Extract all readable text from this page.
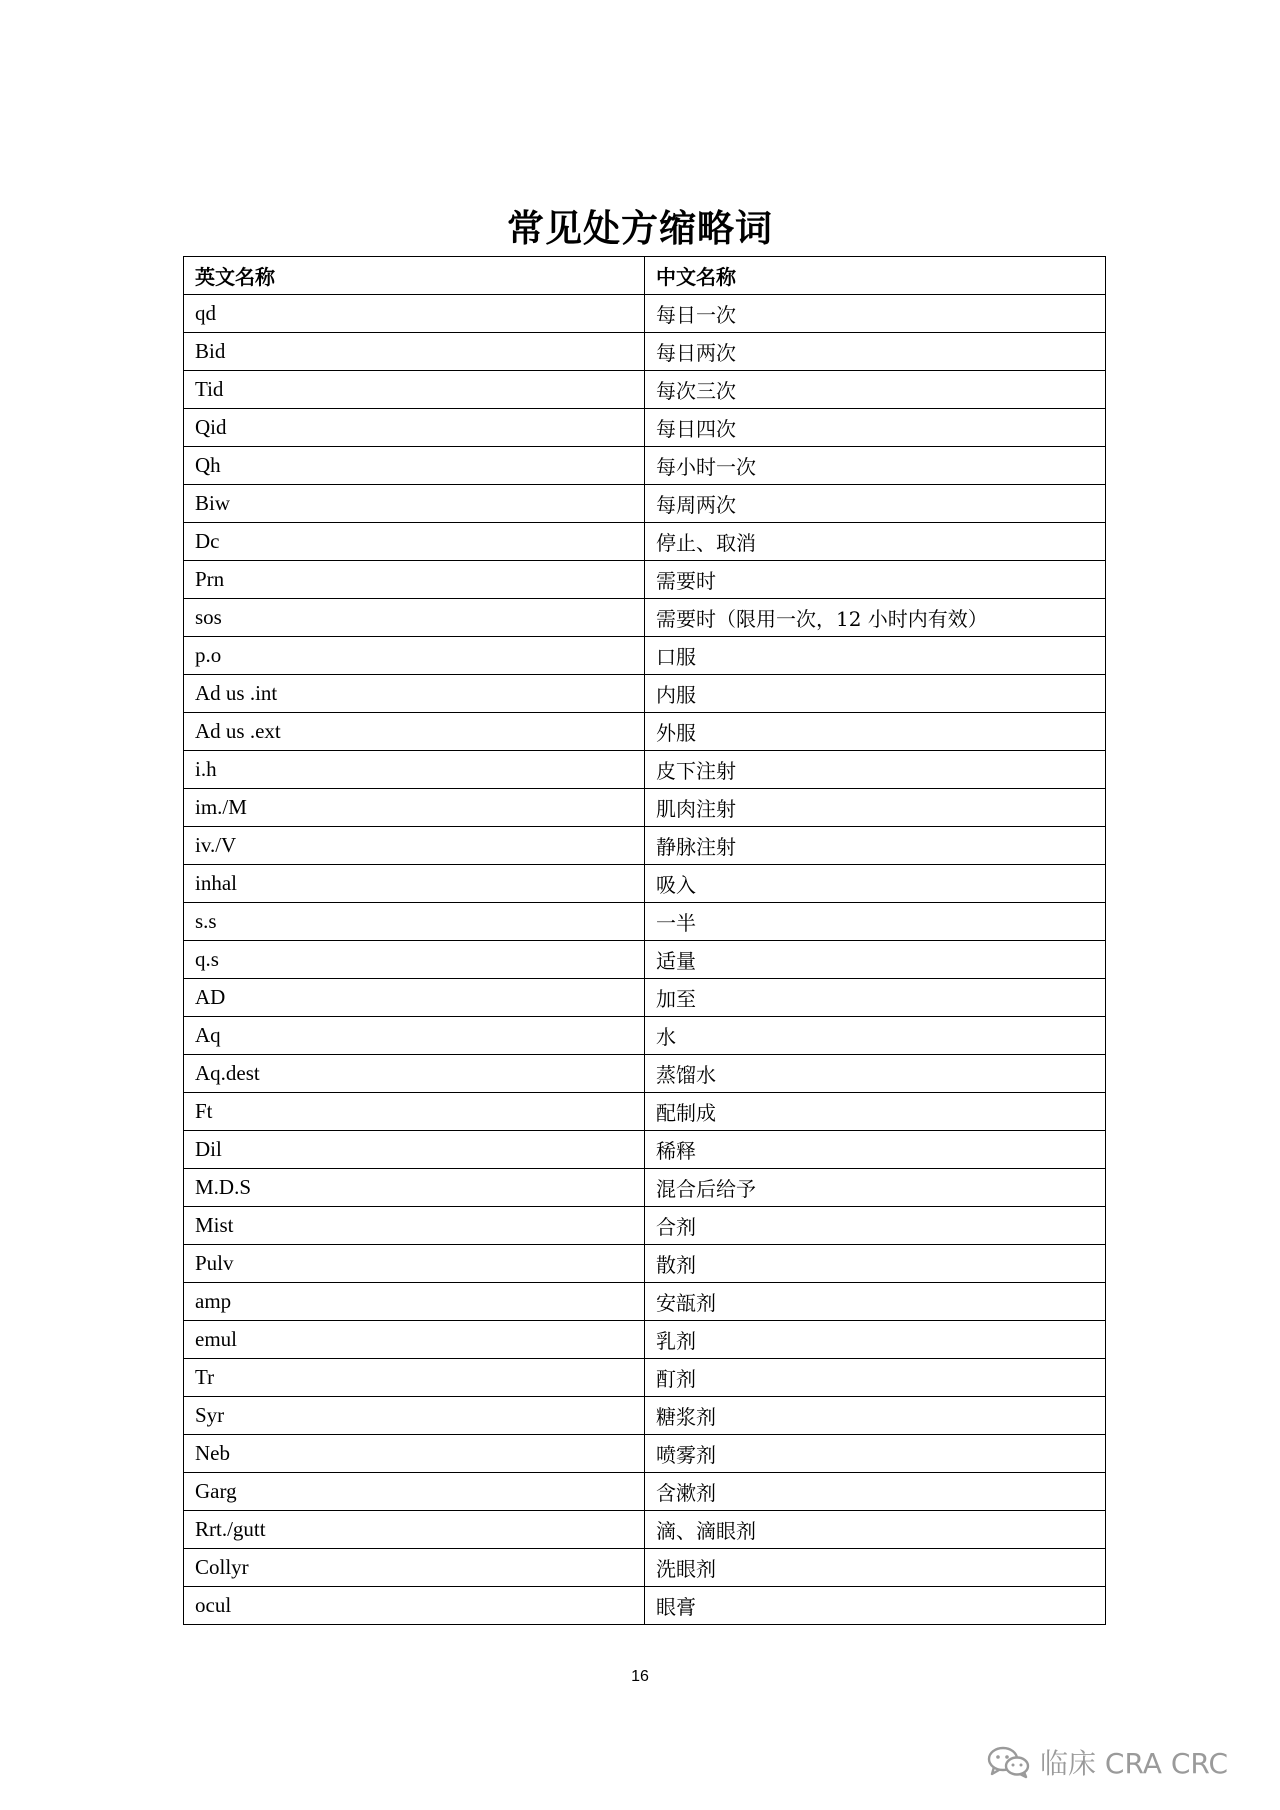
常见处方缩略词
英文名称	中文名称
qd	每日一次
Bid	每日两次
Tid	每次三次
Qid	每日四次
Qh	每小时一次
Biw	每周两次
Dc	停止、取消
Prn	需要时
sos	需要时（限用一次，12 小时内有效）
p.o	口服
Ad us .int	内服
Ad us .ext	外服
i.h	皮下注射
im./M	肌肉注射
iv./V	静脉注射
inhal	吸入
s.s	一半
q.s	适量
AD	加至
Aq	水
Aq.dest	蒸馏水
Ft	配制成
Dil	稀释
M.D.S	混合后给予
Mist	合剂
Pulv	散剂
amp	安瓿剂
emul	乳剂
Tr	酊剂
Syr	糖浆剂
Neb	喷雾剂
Garg	含漱剂
Rrt./gutt	滴、滴眼剂
Collyr	洗眼剂
ocul	眼膏
16
临床 CRA CRC
